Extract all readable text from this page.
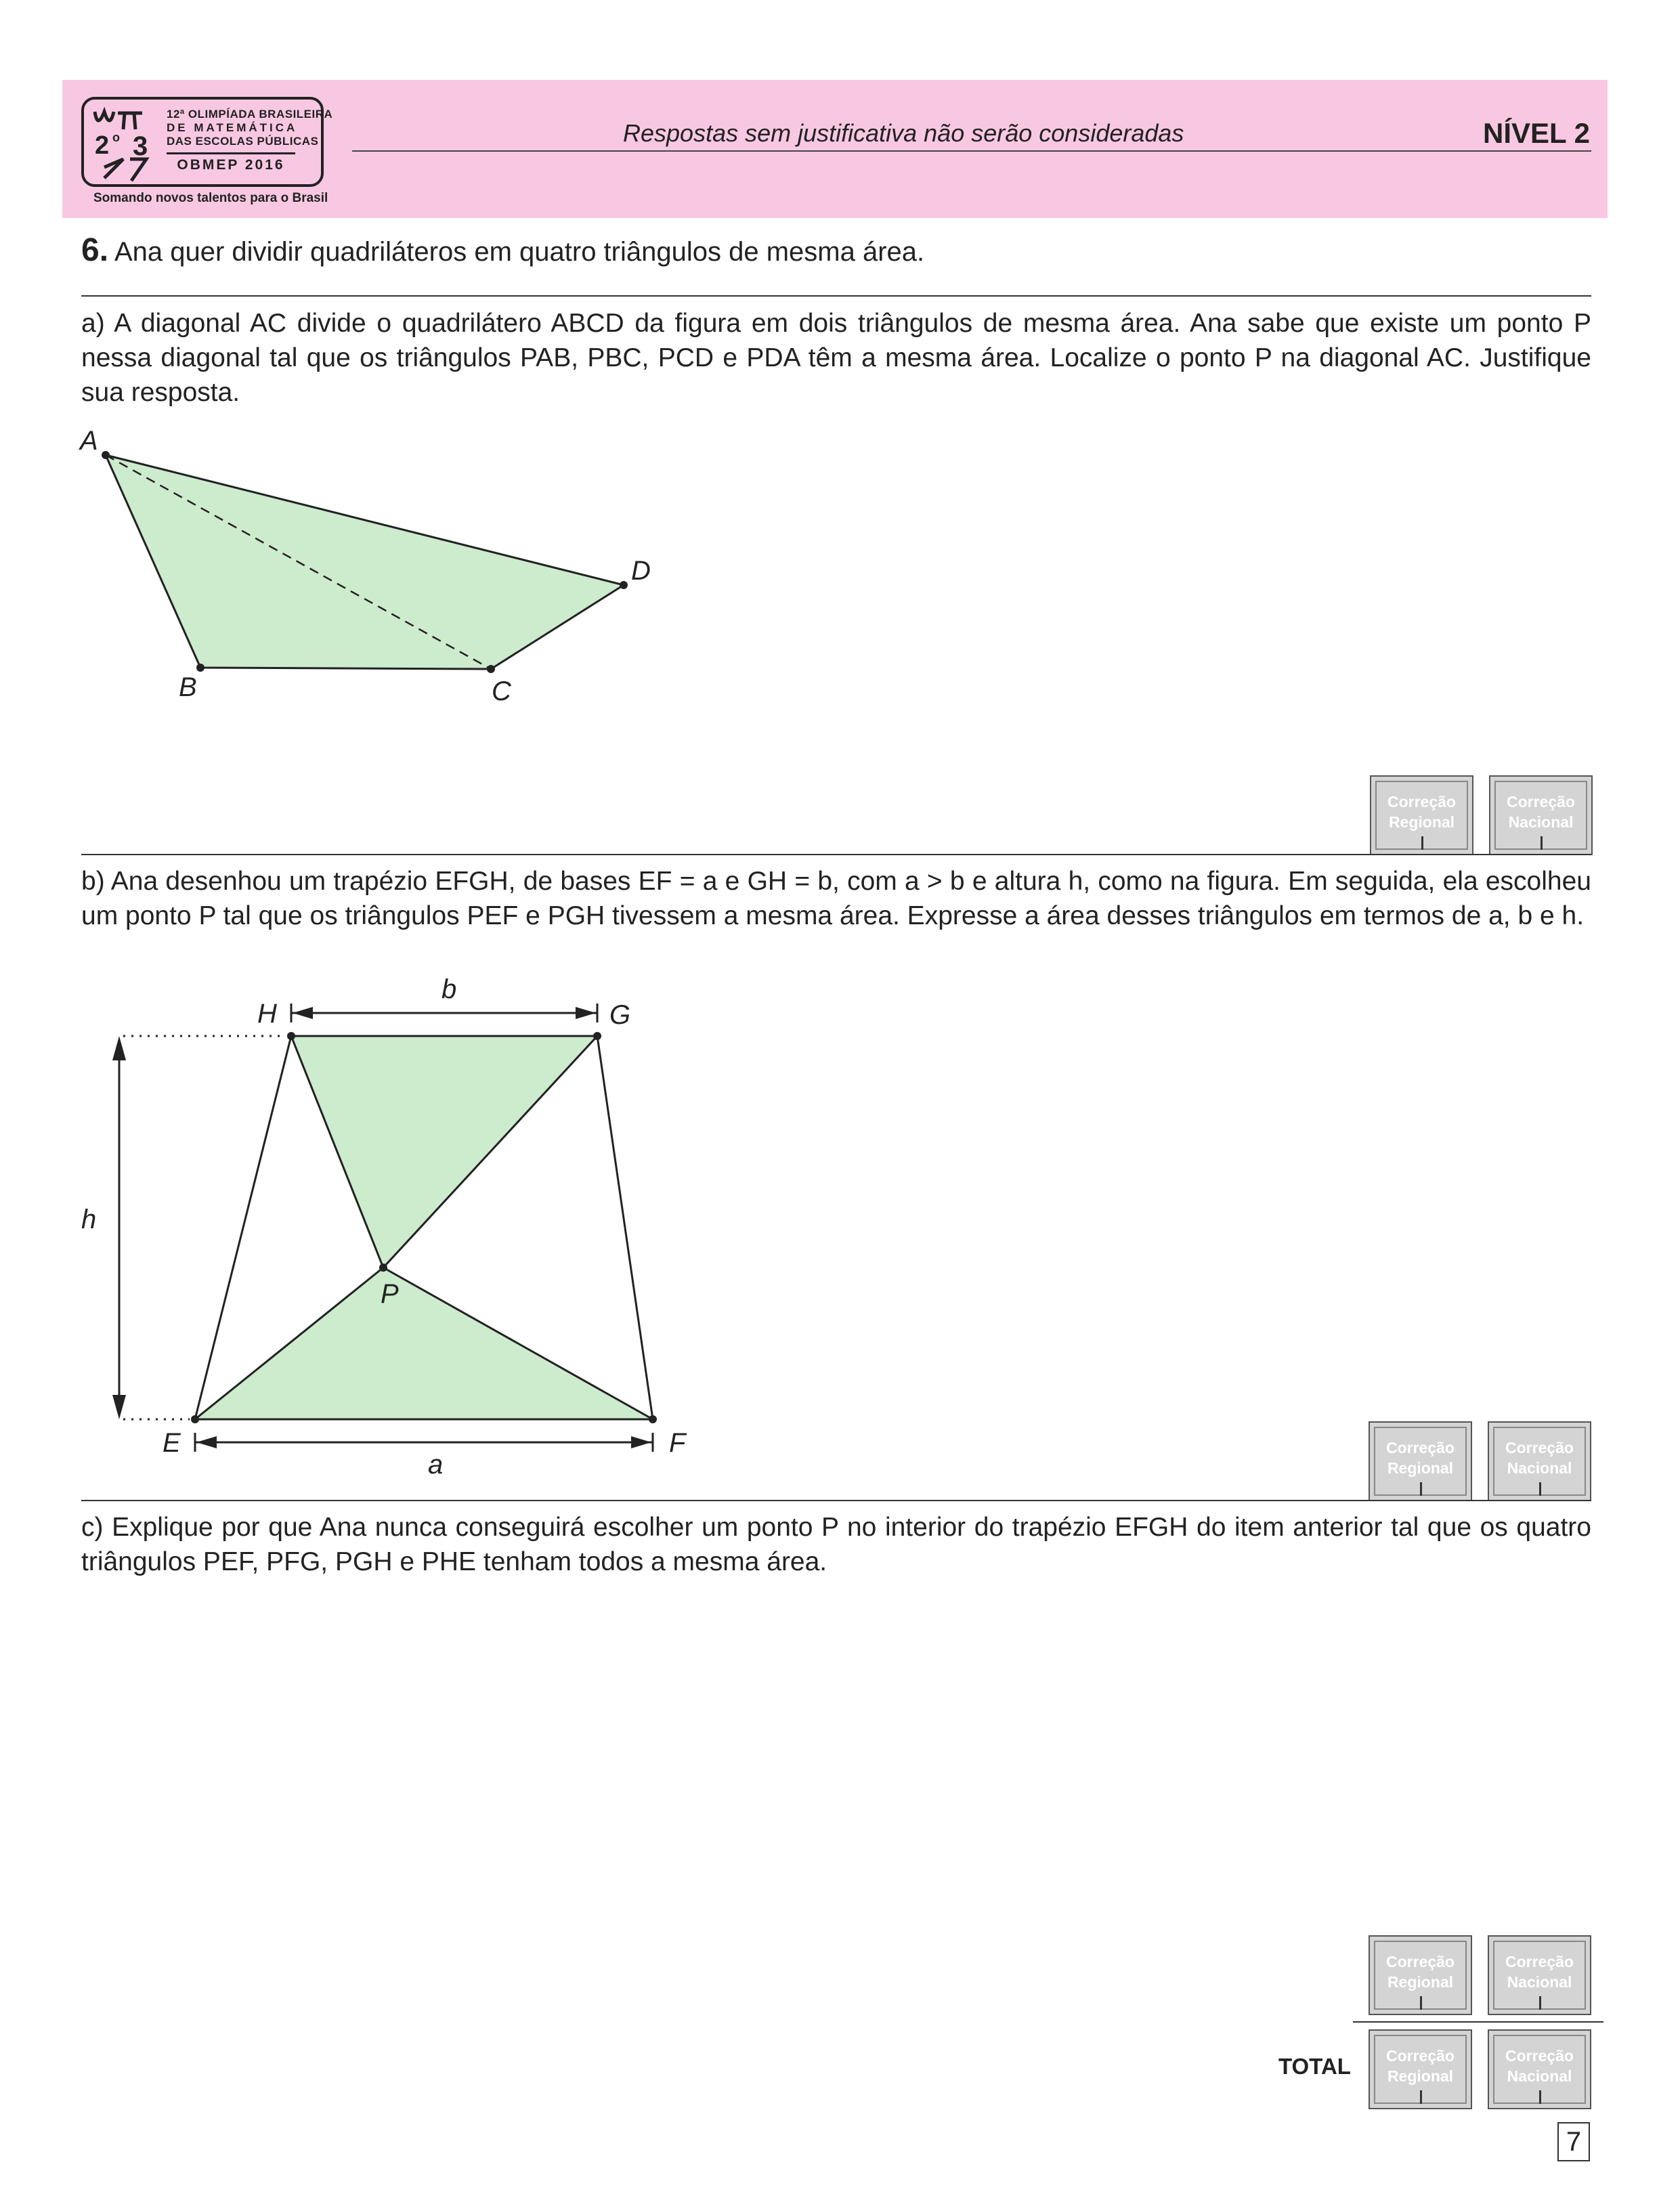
2 o 3
12ª OLIMPÍADA BRASILEIRA
DE MATEMÁTICA
DAS ESCOLAS PÚBLICAS
OBMEP 2016
Somando novos talentos para o Brasil
Respostas sem justificativa não serão consideradas	NÍVEL 2
6. Ana quer dividir quadriláteros em quatro triângulos de mesma área.
a) A diagonal AC divide o quadrilátero ABCD da figura em dois triângulos de mesma área. Ana sabe que existe um ponto P nessa diagonal tal que os triângulos PAB, PBC, PCD e PDA têm a mesma área. Localize o ponto P na diagonal AC. Justifique sua resposta.
A
B	C
D
Correção Regional
Correção Nacional
b) Ana desenhou um trapézio EFGH, de bases EF = a e GH = b, com a > b e altura h, como na figura. Em seguida, ela escolheu um ponto P tal que os triângulos PEF e PGH tivessem a mesma área. Expresse a área desses triângulos em termos de a, b e h.
H	G
E	F
P
b
a
h
Correção Regional
Correção Nacional
c) Explique por que Ana nunca conseguirá escolher um ponto P no interior do trapézio EFGH do item anterior tal que os quatro triângulos PEF, PFG, PGH e PHE tenham todos a mesma área.
Correção Regional
Correção Nacional
TOTAL	Correção Regional
Correção Nacional
7
